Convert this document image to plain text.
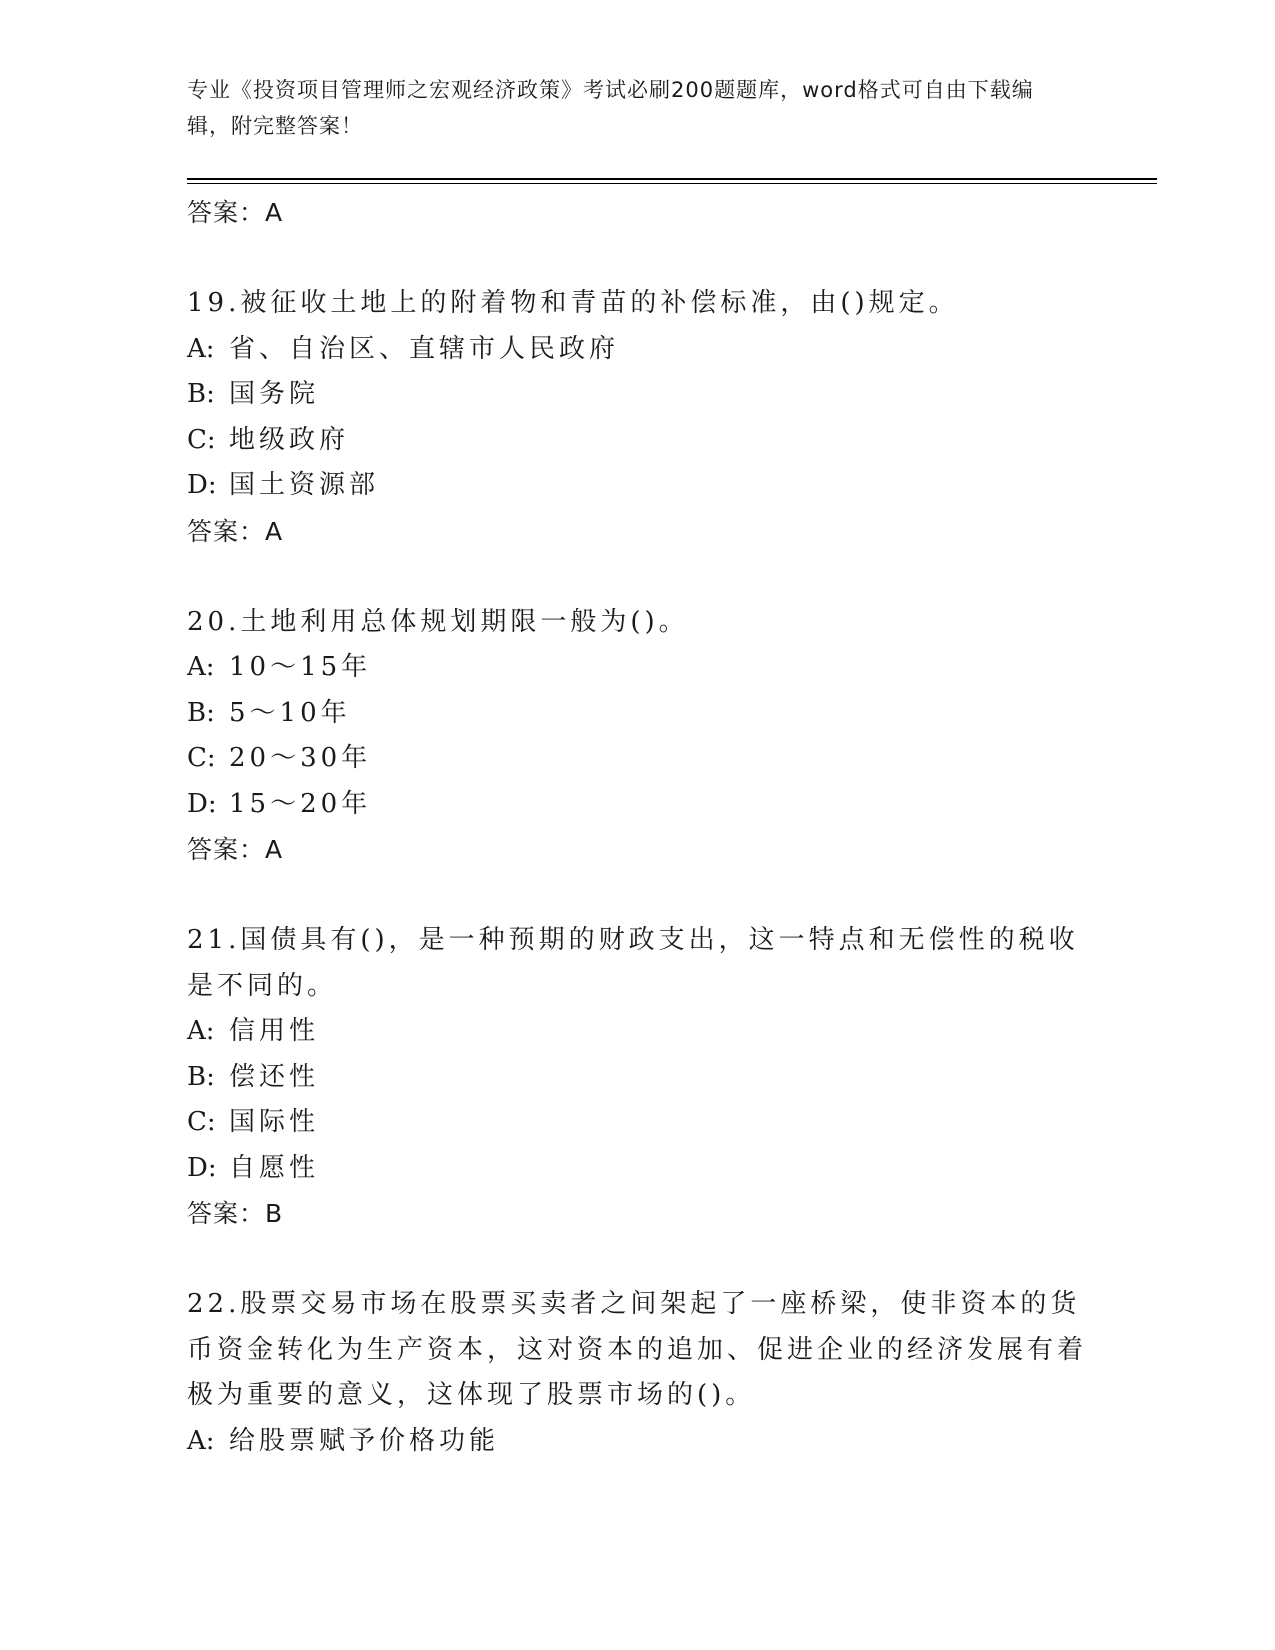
专业《投资项目管理师之宏观经济政策》考试必刷200题题库，word格式可自由下载编辑，附完整答案！
答案：A
19.被征收土地上的附着物和青苗的补偿标准，由()规定。
A: 省、自治区、直辖市人民政府
B: 国务院
C: 地级政府
D: 国土资源部
答案：A
20.土地利用总体规划期限一般为()。
A: 10～15年
B: 5～10年
C: 20～30年
D: 15～20年
答案：A
21.国债具有()，是一种预期的财政支出，这一特点和无偿性的税收是不同的。
A: 信用性
B: 偿还性
C: 国际性
D: 自愿性
答案：B
22.股票交易市场在股票买卖者之间架起了一座桥梁，使非资本的货币资金转化为生产资本，这对资本的追加、促进企业的经济发展有着极为重要的意义，这体现了股票市场的()。
A: 给股票赋予价格功能
